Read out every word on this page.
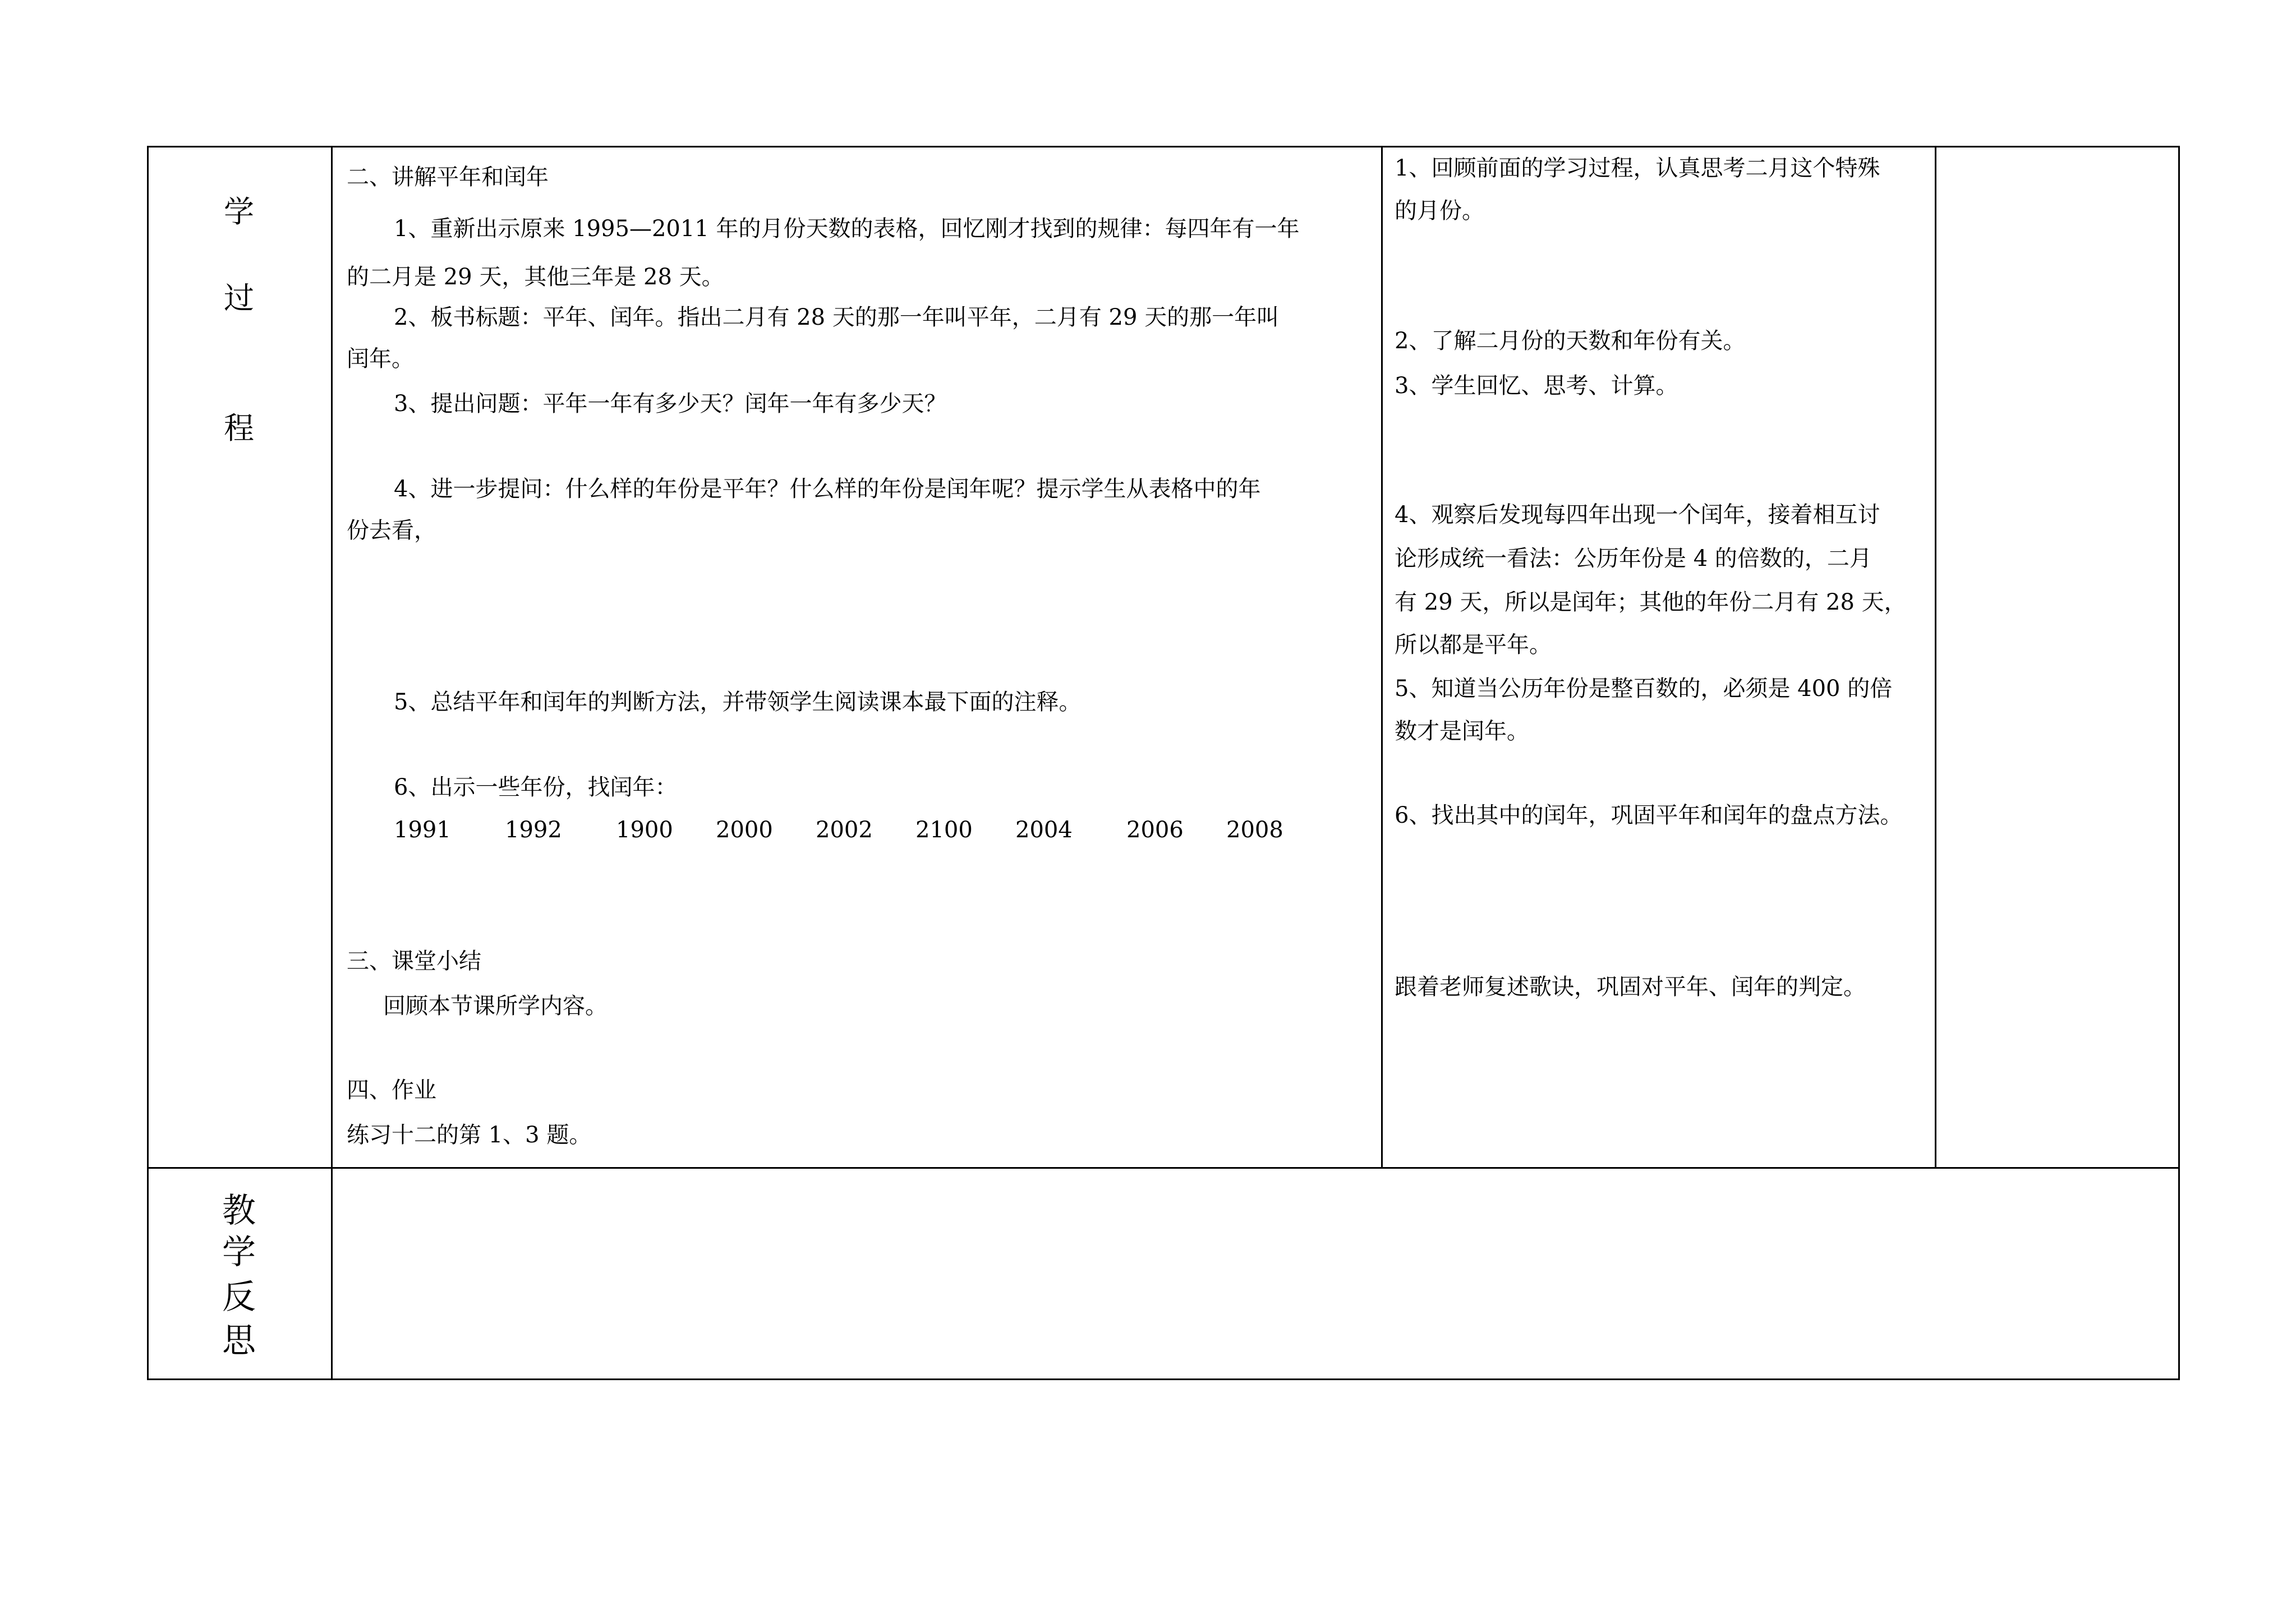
学
过
程
教
学
反
思
二、讲解平年和闰年
1、重新出示原来 1995—2011 年的月份天数的表格，回忆刚才找到的规律：每四年有一年
的二月是 29 天，其他三年是 28 天。
2、板书标题：平年、闰年。指出二月有 28 天的那一年叫平年，二月有 29 天的那一年叫
闰年。
3、提出问题：平年一年有多少天？闰年一年有多少天？
4、进一步提问：什么样的年份是平年？什么样的年份是闰年呢？提示学生从表格中的年
份去看，
5、总结平年和闰年的判断方法，并带领学生阅读课本最下面的注释。
6、出示一些年份，找闰年：
1991 1992 1900 2000 2002 2100 2004 2006 2008
三、课堂小结
回顾本节课所学内容。
四、作业
练习十二的第 1、3 题。
1、回顾前面的学习过程，认真思考二月这个特殊
的月份。
2、了解二月份的天数和年份有关。
3、学生回忆、思考、计算。
4、观察后发现每四年出现一个闰年，接着相互讨
论形成统一看法：公历年份是 4 的倍数的，二月
有 29 天，所以是闰年；其他的年份二月有 28 天，
所以都是平年。
5、知道当公历年份是整百数的，必须是 400 的倍
数才是闰年。
6、找出其中的闰年，巩固平年和闰年的盘点方法。
跟着老师复述歌诀，巩固对平年、闰年的判定。
